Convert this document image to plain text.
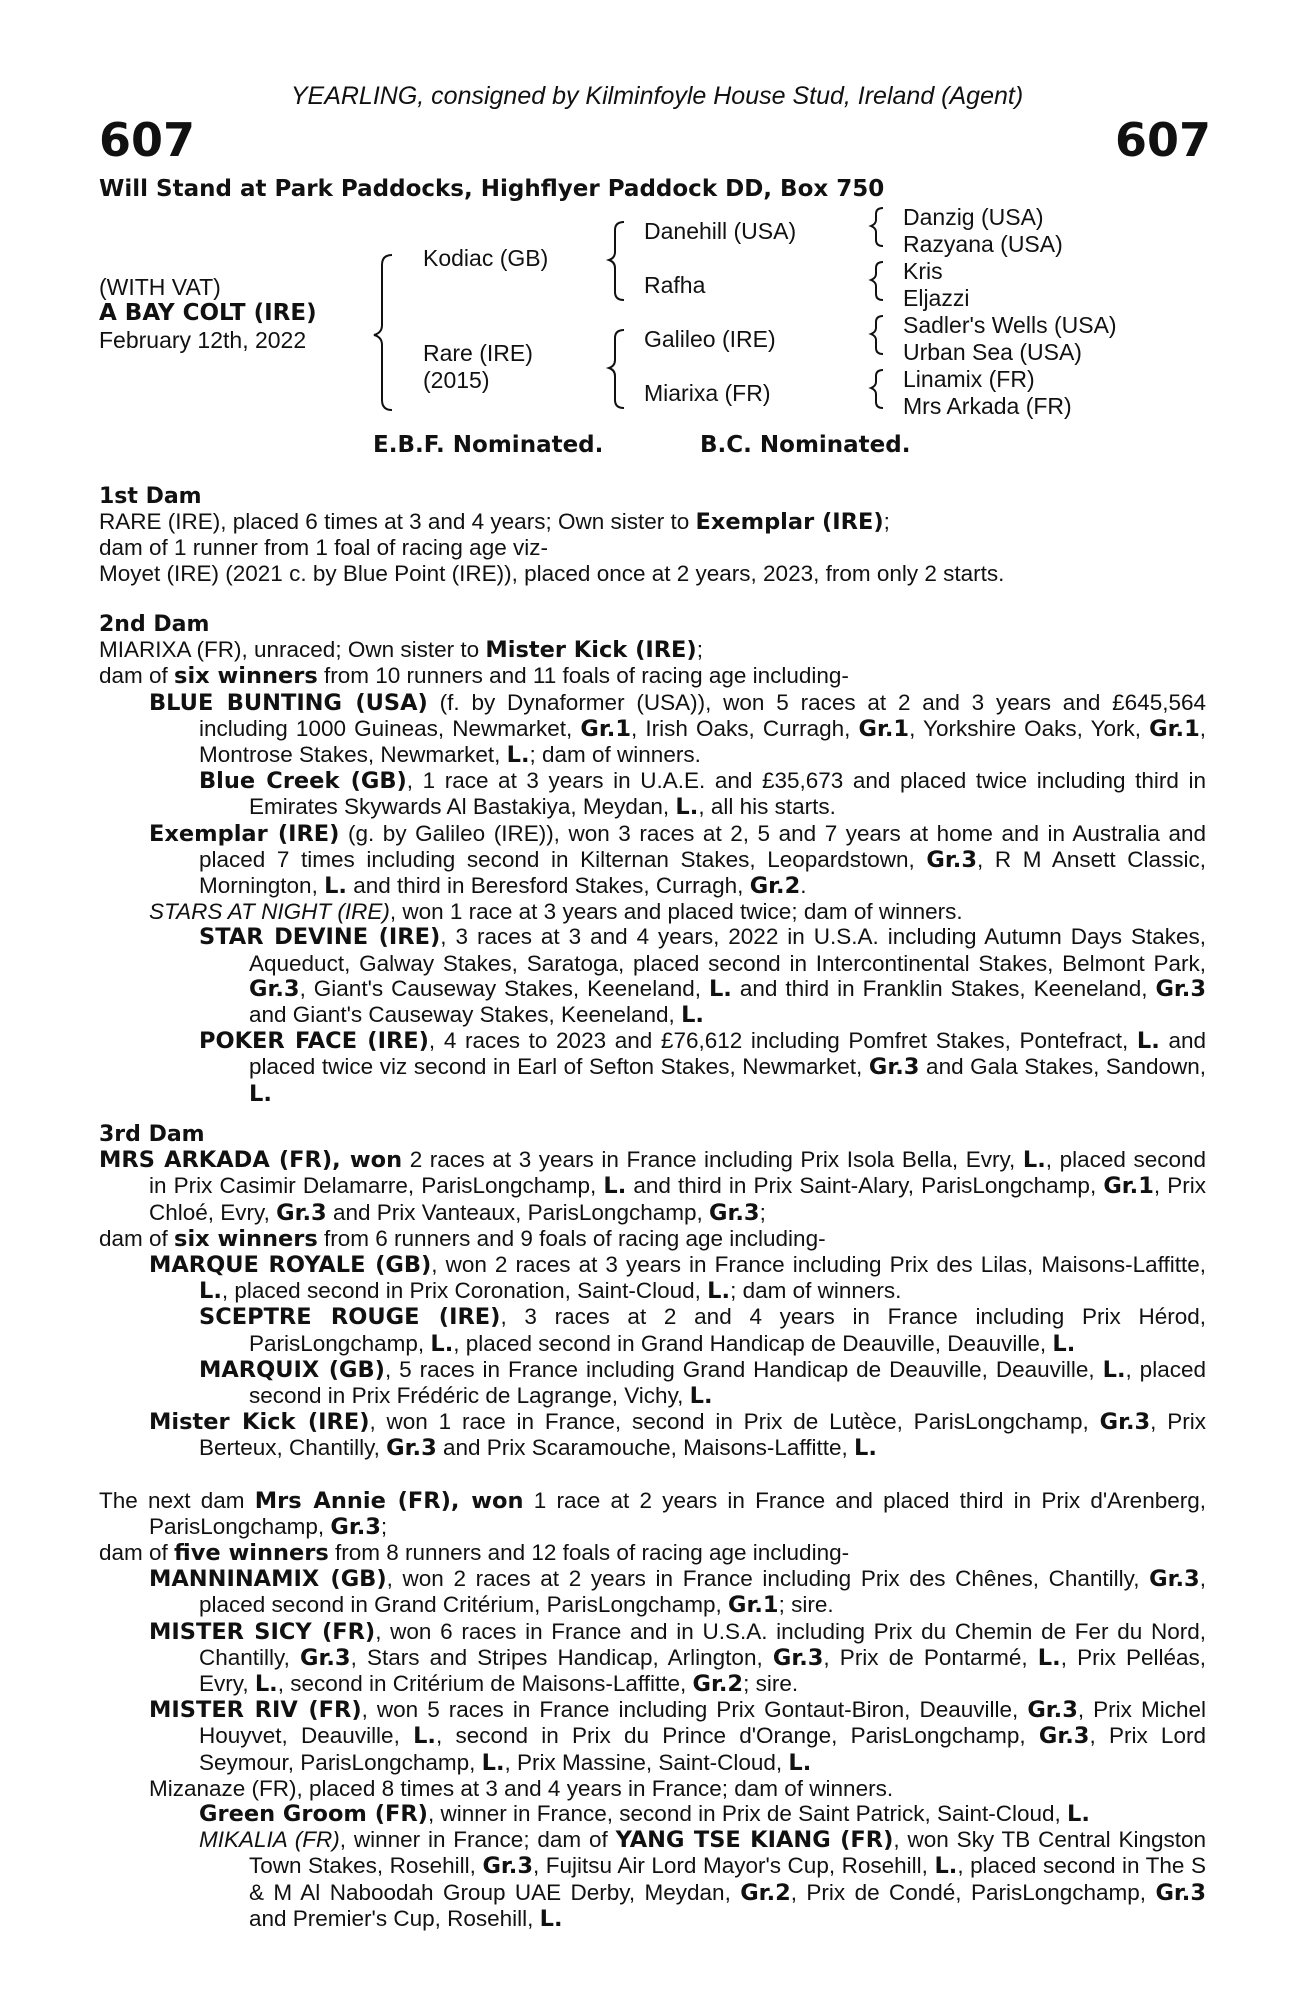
YEARLING, consigned by Kilminfoyle House Stud, Ireland (Agent)
607	607
Will Stand at Park Paddocks, Highflyer Paddock DD, Box 750
(WITH VAT)
A BAY COLT (IRE)
February 12th, 2022
Kodiac (GB)
Rare (IRE)
(2015)
Danehill (USA)
Rafha
Galileo (IRE)
Miarixa (FR)
Danzig (USA)
Razyana (USA)
Kris
Eljazzi
Sadler's Wells (USA)
Urban Sea (USA)
Linamix (FR)
Mrs Arkada (FR)
E.B.F. Nominated.	B.C. Nominated.

1st Dam

RARE (IRE), placed 6 times at 3 and 4 years; Own sister to Exemplar (IRE);

dam of 1 runner from 1 foal of racing age viz-

Moyet (IRE) (2021 c. by Blue Point (IRE)), placed once at 2 years, 2023, from only 2 starts.

2nd Dam

MIARIXA (FR), unraced; Own sister to Mister Kick (IRE);

dam of six winners from 10 runners and 11 foals of racing age including-

BLUE BUNTING (USA) (f. by Dynaformer (USA)), won 5 races at 2 and 3 years and £645,564 including 1000 Guineas, Newmarket, Gr.1, Irish Oaks, Curragh, Gr.1, Yorkshire Oaks, York, Gr.1, Montrose Stakes, Newmarket, L.; dam of winners.

Blue Creek (GB), 1 race at 3 years in U.A.E. and £35,673 and placed twice including third in Emirates Skywards Al Bastakiya, Meydan, L., all his starts.

Exemplar (IRE) (g. by Galileo (IRE)), won 3 races at 2, 5 and 7 years at home and in Australia and placed 7 times including second in Kilternan Stakes, Leopardstown, Gr.3, R M Ansett Classic, Mornington, L. and third in Beresford Stakes, Curragh, Gr.2.

STARS AT NIGHT (IRE), won 1 race at 3 years and placed twice; dam of winners.

STAR DEVINE (IRE), 3 races at 3 and 4 years, 2022 in U.S.A. including Autumn Days Stakes, Aqueduct, Galway Stakes, Saratoga, placed second in Intercontinental Stakes, Belmont Park, Gr.3, Giant's Causeway Stakes, Keeneland, L. and third in Franklin Stakes, Keeneland, Gr.3 and Giant's Causeway Stakes, Keeneland, L.

POKER FACE (IRE), 4 races to 2023 and £76,612 including Pomfret Stakes, Pontefract, L. and placed twice viz second in Earl of Sefton Stakes, Newmarket, Gr.3 and Gala Stakes, Sandown, L.

3rd Dam

MRS ARKADA (FR), won 2 races at 3 years in France including Prix Isola Bella, Evry, L., placed second in Prix Casimir Delamarre, ParisLongchamp, L. and third in Prix Saint-Alary, ParisLongchamp, Gr.1, Prix Chloé, Evry, Gr.3 and Prix Vanteaux, ParisLongchamp, Gr.3;

dam of six winners from 6 runners and 9 foals of racing age including-

MARQUE ROYALE (GB), won 2 races at 3 years in France including Prix des Lilas, Maisons-Laffitte, L., placed second in Prix Coronation, Saint-Cloud, L.; dam of winners.

SCEPTRE ROUGE (IRE), 3 races at 2 and 4 years in France including Prix Hérod, ParisLongchamp, L., placed second in Grand Handicap de Deauville, Deauville, L.

MARQUIX (GB), 5 races in France including Grand Handicap de Deauville, Deauville, L., placed second in Prix Frédéric de Lagrange, Vichy, L.

Mister Kick (IRE), won 1 race in France, second in Prix de Lutèce, ParisLongchamp, Gr.3, Prix Berteux, Chantilly, Gr.3 and Prix Scaramouche, Maisons-Laffitte, L.

The next dam Mrs Annie (FR), won 1 race at 2 years in France and placed third in Prix d'Arenberg, ParisLongchamp, Gr.3;

dam of five winners from 8 runners and 12 foals of racing age including-

MANNINAMIX (GB), won 2 races at 2 years in France including Prix des Chênes, Chantilly, Gr.3, placed second in Grand Critérium, ParisLongchamp, Gr.1; sire.

MISTER SICY (FR), won 6 races in France and in U.S.A. including Prix du Chemin de Fer du Nord, Chantilly, Gr.3, Stars and Stripes Handicap, Arlington, Gr.3, Prix de Pontarmé, L., Prix Pelléas, Evry, L., second in Critérium de Maisons-Laffitte, Gr.2; sire.

MISTER RIV (FR), won 5 races in France including Prix Gontaut-Biron, Deauville, Gr.3, Prix Michel Houyvet, Deauville, L., second in Prix du Prince d'Orange, ParisLongchamp, Gr.3, Prix Lord Seymour, ParisLongchamp, L., Prix Massine, Saint-Cloud, L.

Mizanaze (FR), placed 8 times at 3 and 4 years in France; dam of winners.

Green Groom (FR), winner in France, second in Prix de Saint Patrick, Saint-Cloud, L.

MIKALIA (FR), winner in France; dam of YANG TSE KIANG (FR), won Sky TB Central Kingston Town Stakes, Rosehill, Gr.3, Fujitsu Air Lord Mayor's Cup, Rosehill, L., placed second in The S & M Al Naboodah Group UAE Derby, Meydan, Gr.2, Prix de Condé, ParisLongchamp, Gr.3 and Premier's Cup, Rosehill, L.
